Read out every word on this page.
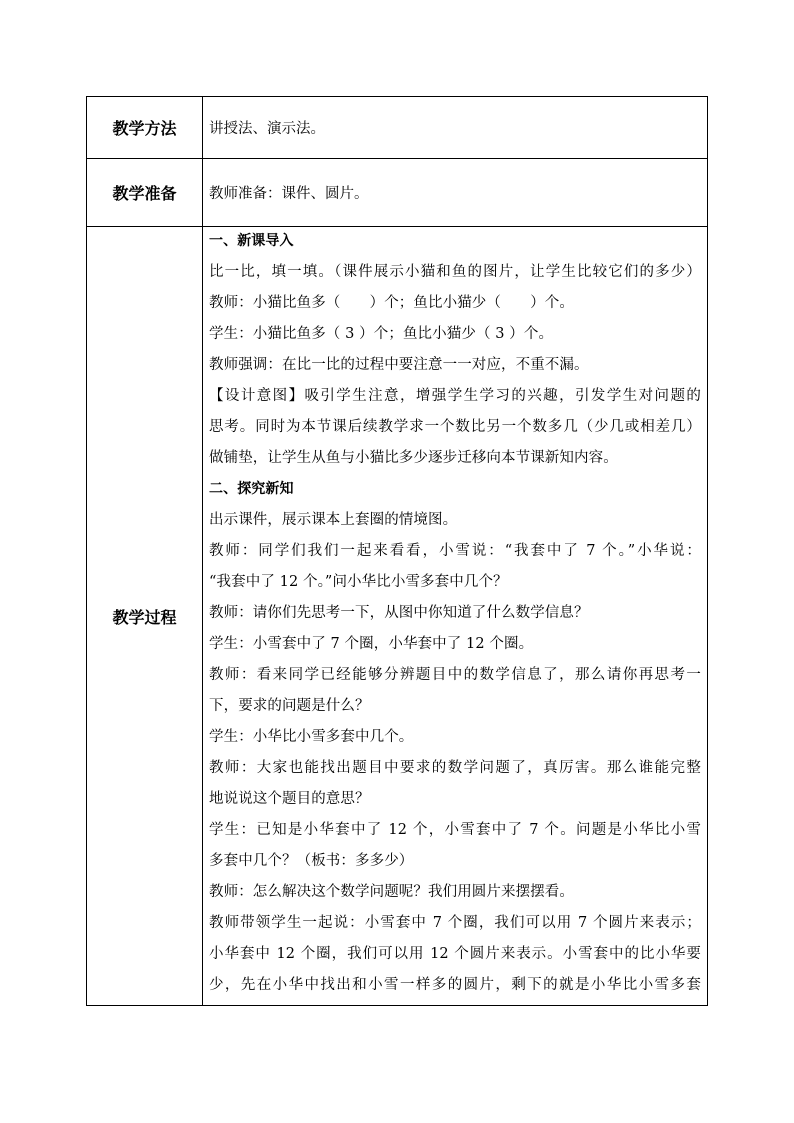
教学方法	讲授法、演示法。
教学准备	教师准备：课件、圆片。
教学过程
一、新课导入
比一比，填一填。（课件展示小猫和鱼的图片，让学生比较它们的多少）
教师：小猫比鱼多（　　）个；鱼比小猫少（　　）个。
学生：小猫比鱼多（ 3 ）个；鱼比小猫少（ 3 ）个。
教师强调：在比一比的过程中要注意一一对应，不重不漏。
【设计意图】吸引学生注意，增强学生学习的兴趣，引发学生对问题的
思考。同时为本节课后续教学求一个数比另一个数多几（少几或相差几）
做铺垫，让学生从鱼与小猫比多少逐步迁移向本节课新知内容。
二、探究新知
出示课件，展示课本上套圈的情境图。
教师：同学们我们一起来看看，小雪说：“我套中了 7 个。”小华说：
“我套中了 12 个。”问小华比小雪多套中几个？
教师：请你们先思考一下，从图中你知道了什么数学信息？
学生：小雪套中了 7 个圈，小华套中了 12 个圈。
教师：看来同学已经能够分辨题目中的数学信息了，那么请你再思考一
下，要求的问题是什么？
学生：小华比小雪多套中几个。
教师：大家也能找出题目中要求的数学问题了，真厉害。那么谁能完整
地说说这个题目的意思？
学生：已知是小华套中了 12 个，小雪套中了 7 个。问题是小华比小雪
多套中几个？（板书：多多少）
教师：怎么解决这个数学问题呢？我们用圆片来摆摆看。
教师带领学生一起说：小雪套中 7 个圈，我们可以用 7 个圆片来表示；
小华套中 12 个圈，我们可以用 12 个圆片来表示。小雪套中的比小华要
少，先在小华中找出和小雪一样多的圆片，剩下的就是小华比小雪多套
